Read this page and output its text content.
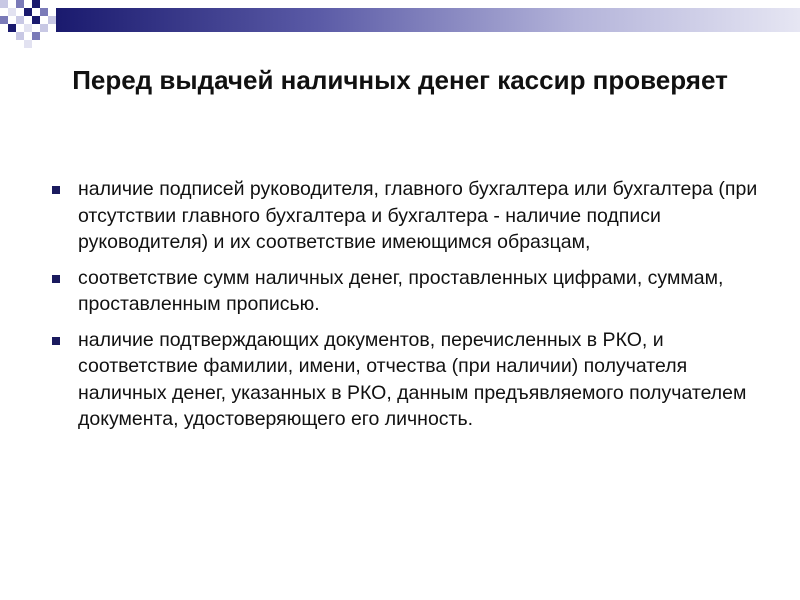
Перед выдачей наличных денег кассир проверяет
наличие подписей руководителя, главного бухгалтера или бухгалтера (при отсутствии главного бухгалтера и бухгалтера - наличие подписи руководителя) и их соответствие имеющимся образцам,
соответствие сумм наличных денег, проставленных цифрами, суммам, проставленным прописью.
наличие подтверждающих документов, перечисленных в РКО, и соответствие фамилии, имени, отчества (при наличии) получателя наличных денег, указанных в РКО, данным предъявляемого получателем документа, удостоверяющего его личность.
